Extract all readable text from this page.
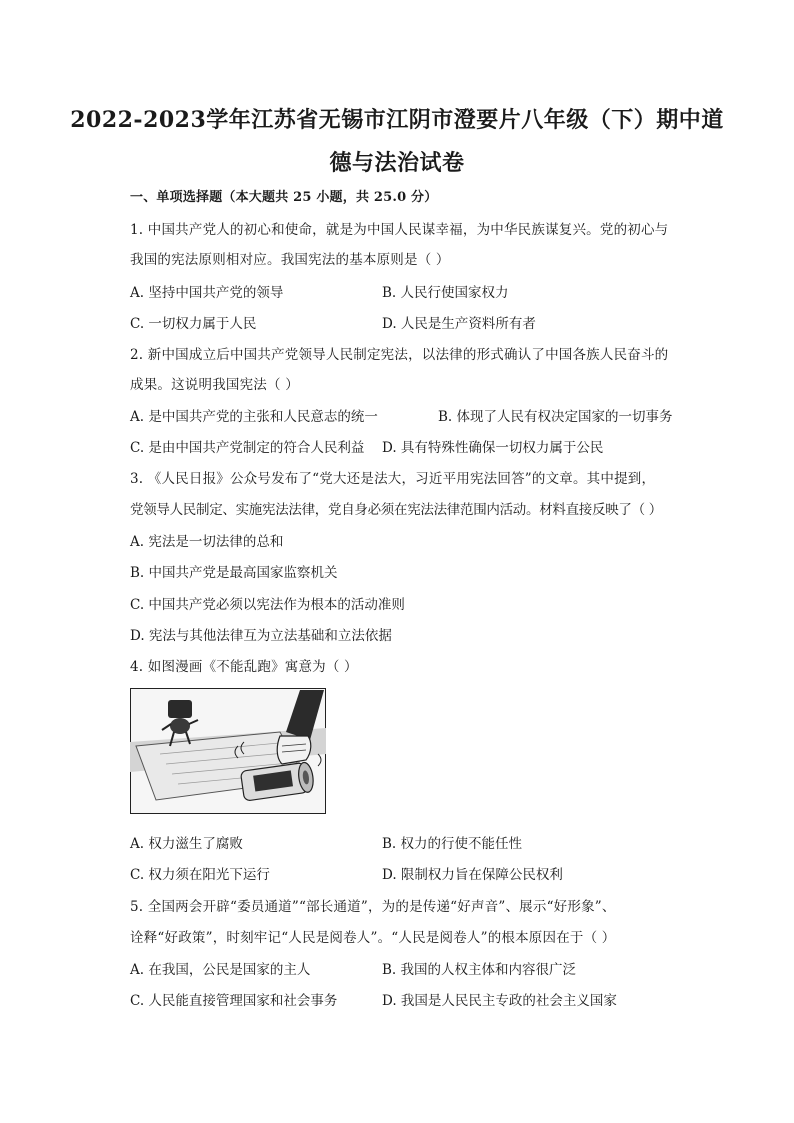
2022-2023学年江苏省无锡市江阴市澄要片八年级（下）期中道
德与法治试卷
一、单项选择题（本大题共 25 小题，共 25.0 分）
1. 中国共产党人的初心和使命，就是为中国人民谋幸福，为中华民族谋复兴。党的初心与
我国的宪法原则相对应。我国宪法的基本原则是（ ）
A. 坚持中国共产党的领导	B. 人民行使国家权力
C. 一切权力属于人民	D. 人民是生产资料所有者
2. 新中国成立后中国共产党领导人民制定宪法，以法律的形式确认了中国各族人民奋斗的
成果。这说明我国宪法（ ）
A. 是中国共产党的主张和人民意志的统一	B. 体现了人民有权决定国家的一切事务
C. 是由中国共产党制定的符合人民利益 D. 具有特殊性确保一切权力属于公民
3. 《人民日报》公众号发布了“党大还是法大，习近平用宪法回答”的文章。其中提到，
党领导人民制定、实施宪法法律，党自身必须在宪法法律范围内活动。材料直接反映了（ ）
A. 宪法是一切法律的总和
B. 中国共产党是最高国家监察机关
C. 中国共产党必须以宪法作为根本的活动准则
D. 宪法与其他法律互为立法基础和立法依据
4. 如图漫画《不能乱跑》寓意为（ ）
A. 权力滋生了腐败	B. 权力的行使不能任性
C. 权力须在阳光下运行	D. 限制权力旨在保障公民权利
5. 全国两会开辟“委员通道”“部长通道”，为的是传递“好声音”、展示“好形象”、
诠释“好政策”，时刻牢记“人民是阅卷人”。“人民是阅卷人”的根本原因在于（ ）
A. 在我国，公民是国家的主人	B. 我国的人权主体和内容很广泛
C. 人民能直接管理国家和社会事务	D. 我国是人民民主专政的社会主义国家
